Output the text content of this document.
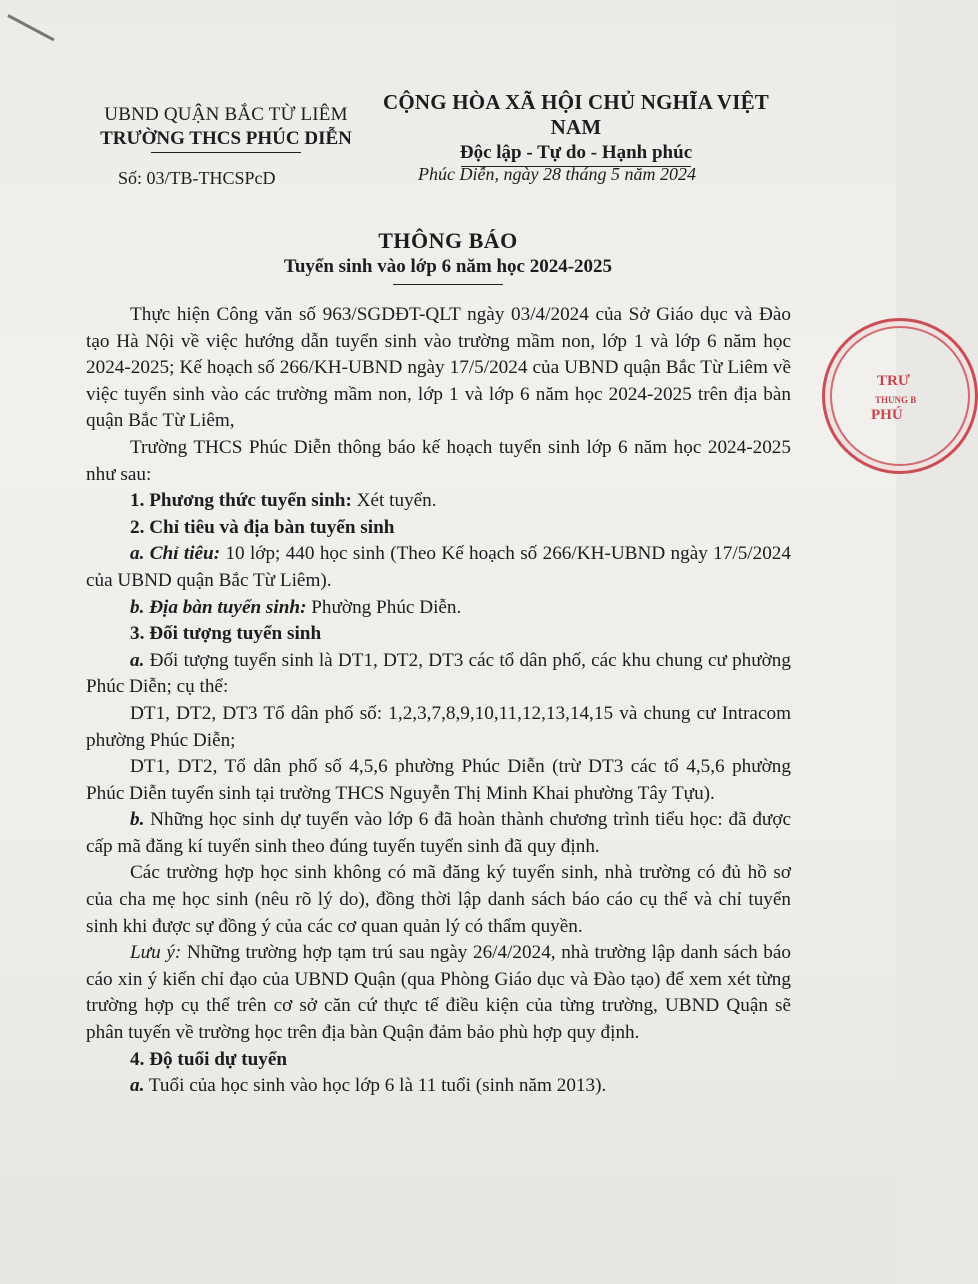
UBND QUẬN BẮC TỪ LIÊM
TRƯỜNG THCS PHÚC DIỄN
CỘNG HÒA XÃ HỘI CHỦ NGHĨA VIỆT NAM
Độc lập - Tự do - Hạnh phúc
Số: 03/TB-THCSPcD	Phúc Diễn, ngày 28 tháng 5 năm 2024
THÔNG BÁO
Tuyển sinh vào lớp 6 năm học 2024-2025
TRƯ
THUNG B
PHÚ

Thực hiện Công văn số 963/SGDĐT-QLT ngày 03/4/2024 của Sở Giáo dục và Đào tạo Hà Nội về việc hướng dẫn tuyển sinh vào trường mầm non, lớp 1 và lớp 6 năm học 2024-2025; Kế hoạch số 266/KH-UBND ngày 17/5/2024 của UBND quận Bắc Từ Liêm về việc tuyển sinh vào các trường mầm non, lớp 1 và lớp 6 năm học 2024-2025 trên địa bàn quận Bắc Từ Liêm,

Trường THCS Phúc Diễn thông báo kế hoạch tuyển sinh lớp 6 năm học 2024-2025 như sau:

1. Phương thức tuyển sinh: Xét tuyển.

2. Chỉ tiêu và địa bàn tuyển sinh

a. Chỉ tiêu: 10 lớp; 440 học sinh (Theo Kế hoạch số 266/KH-UBND ngày 17/5/2024 của UBND quận Bắc Từ Liêm).

b. Địa bàn tuyển sinh: Phường Phúc Diễn.

3. Đối tượng tuyển sinh

a. Đối tượng tuyển sinh là DT1, DT2, DT3 các tổ dân phố, các khu chung cư phường Phúc Diễn; cụ thể:

DT1, DT2, DT3 Tổ dân phố số: 1,2,3,7,8,9,10,11,12,13,14,15 và chung cư Intracom phường Phúc Diễn;

DT1, DT2, Tổ dân phố số 4,5,6 phường Phúc Diễn (trừ DT3 các tổ 4,5,6 phường Phúc Diễn tuyển sinh tại trường THCS Nguyễn Thị Minh Khai phường Tây Tựu).

b. Những học sinh dự tuyển vào lớp 6 đã hoàn thành chương trình tiểu học: đã được cấp mã đăng kí tuyển sinh theo đúng tuyến tuyển sinh đã quy định.

Các trường hợp học sinh không có mã đăng ký tuyển sinh, nhà trường có đủ hồ sơ của cha mẹ học sinh (nêu rõ lý do), đồng thời lập danh sách báo cáo cụ thể và chỉ tuyển sinh khi được sự đồng ý của các cơ quan quản lý có thẩm quyền.

Lưu ý: Những trường hợp tạm trú sau ngày 26/4/2024, nhà trường lập danh sách báo cáo xin ý kiến chỉ đạo của UBND Quận (qua Phòng Giáo dục và Đào tạo) để xem xét từng trường hợp cụ thể trên cơ sở căn cứ thực tế điều kiện của từng trường, UBND Quận sẽ phân tuyến về trường học trên địa bàn Quận đảm bảo phù hợp quy định.

4. Độ tuổi dự tuyển

a. Tuổi của học sinh vào học lớp 6 là 11 tuổi (sinh năm 2013).
